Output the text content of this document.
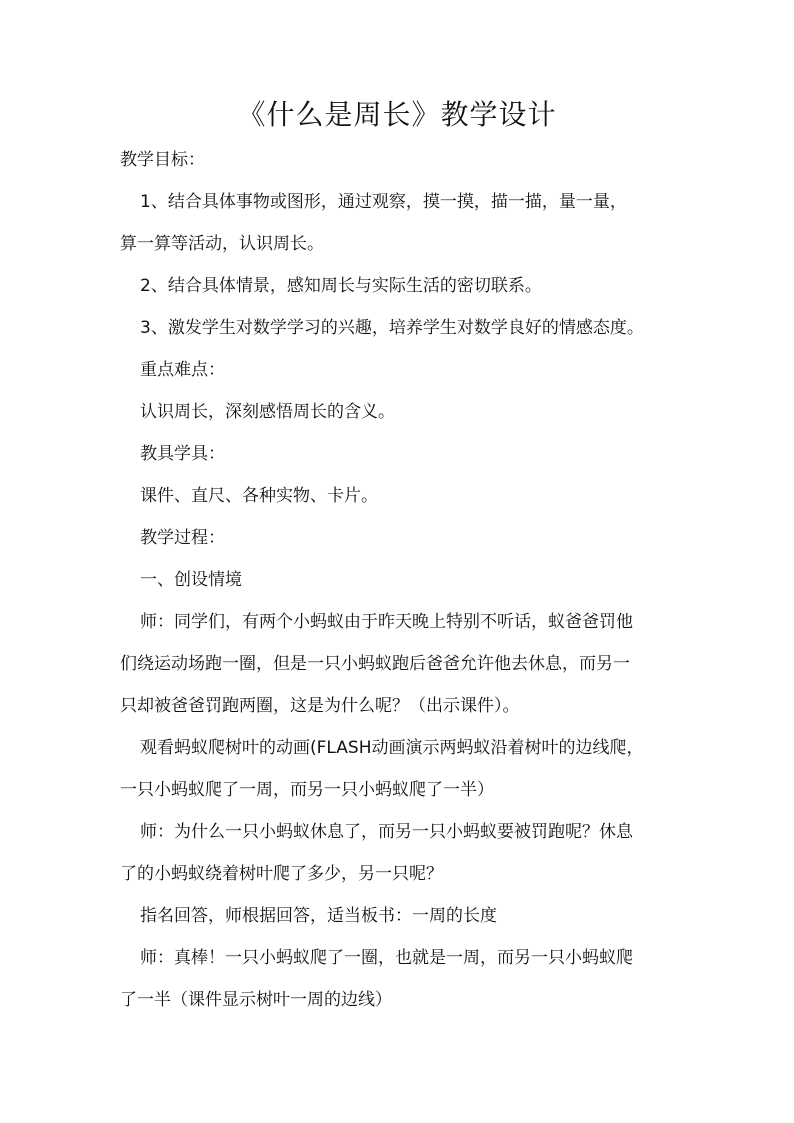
《什么是周长》教学设计
教学目标：
1、结合具体事物或图形，通过观察，摸一摸，描一描，量一量，
算一算等活动，认识周长。
2、结合具体情景，感知周长与实际生活的密切联系。
3、激发学生对数学学习的兴趣，培养学生对数学良好的情感态度。
重点难点：
认识周长，深刻感悟周长的含义。
教具学具：
课件、直尺、各种实物、卡片。
教学过程：
一、创设情境
师：同学们，有两个小蚂蚁由于昨天晚上特别不听话，蚁爸爸罚他
们绕运动场跑一圈，但是一只小蚂蚁跑后爸爸允许他去休息，而另一
只却被爸爸罚跑两圈，这是为什么呢？（出示课件）。
观看蚂蚁爬树叶的动画(FLASH动画演示两蚂蚁沿着树叶的边线爬，
一只小蚂蚁爬了一周，而另一只小蚂蚁爬了一半）
师：为什么一只小蚂蚁休息了，而另一只小蚂蚁要被罚跑呢？休息
了的小蚂蚁绕着树叶爬了多少，另一只呢？
指名回答，师根据回答，适当板书：一周的长度
师：真棒！一只小蚂蚁爬了一圈，也就是一周，而另一只小蚂蚁爬
了一半（课件显示树叶一周的边线）
